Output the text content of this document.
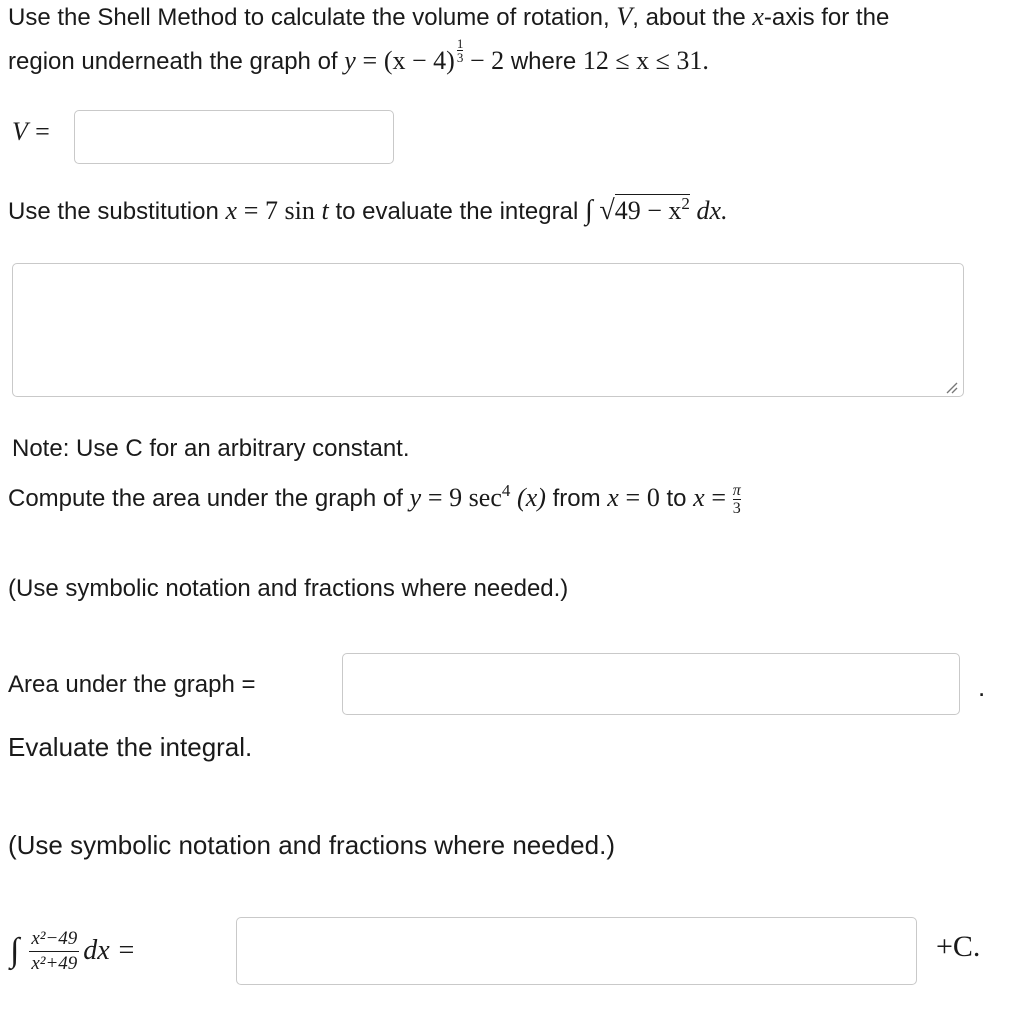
Use the Shell Method to calculate the volume of rotation, V, about the x-axis for the
region underneath the graph of $y = (x - 4) \frac{1}{3} - 2$ where 12 ≤ x ≤ 31.
V =
Use the substitution x = 7 sin t to evaluate the integral ∫ $√49 - x^2$ dx.
Note: Use C for an arbitrary constant.
Compute the area under the graph of y = 9 $\sec^4 (x)$ from x = 0 to $x = \frac{\pi}{3}$
(Use symbolic notation and fractions where needed.)
Area under the graph =	.
Evaluate the integral.
(Use symbolic notation and fractions where needed.)
∫ $\frac{\text{x²−49}}{\text{x²+49}}$ dx =	+C.
